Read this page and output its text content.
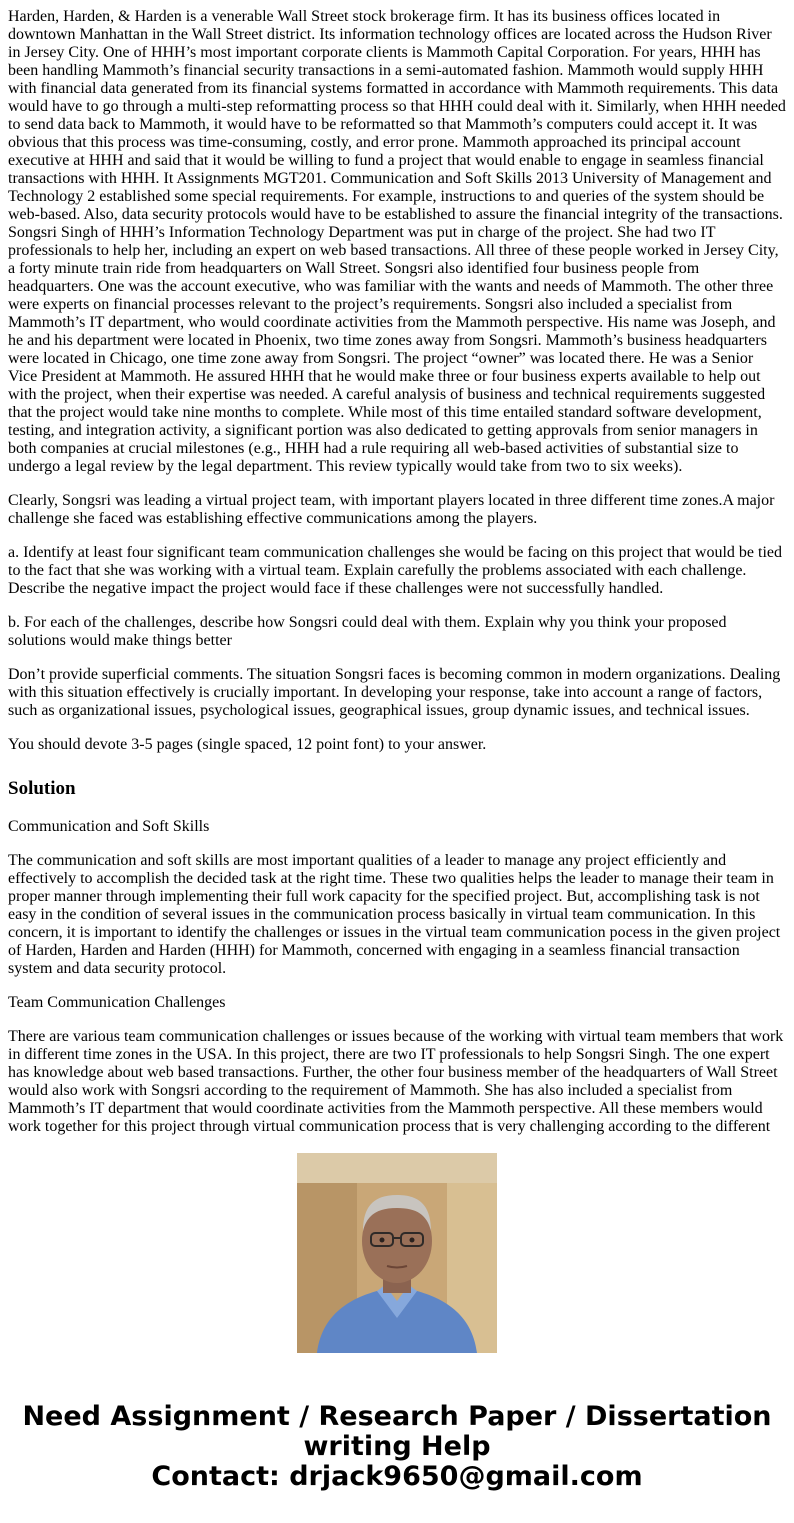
Harden, Harden, & Harden is a venerable Wall Street stock brokerage firm. It has its business offices located in downtown Manhattan in the Wall Street district. Its information technology offices are located across the Hudson River in Jersey City. One of HHH’s most important corporate clients is Mammoth Capital Corporation. For years, HHH has been handling Mammoth’s financial security transactions in a semi-automated fashion. Mammoth would supply HHH with financial data generated from its financial systems formatted in accordance with Mammoth requirements. This data would have to go through a multi-step reformatting process so that HHH could deal with it. Similarly, when HHH needed to send data back to Mammoth, it would have to be reformatted so that Mammoth’s computers could accept it. It was obvious that this process was time-consuming, costly, and error prone. Mammoth approached its principal account executive at HHH and said that it would be willing to fund a project that would enable to engage in seamless financial transactions with HHH. It Assignments MGT201. Communication and Soft Skills 2013 University of Management and Technology 2 established some special requirements. For example, instructions to and queries of the system should be web-based. Also, data security protocols would have to be established to assure the financial integrity of the transactions. Songsri Singh of HHH’s Information Technology Department was put in charge of the project. She had two IT professionals to help her, including an expert on web based transactions. All three of these people worked in Jersey City, a forty minute train ride from headquarters on Wall Street. Songsri also identified four business people from headquarters. One was the account executive, who was familiar with the wants and needs of Mammoth. The other three were experts on financial processes relevant to the project’s requirements. Songsri also included a specialist from Mammoth’s IT department, who would coordinate activities from the Mammoth perspective. His name was Joseph, and he and his department were located in Phoenix, two time zones away from Songsri. Mammoth’s business headquarters were located in Chicago, one time zone away from Songsri. The project “owner” was located there. He was a Senior Vice President at Mammoth. He assured HHH that he would make three or four business experts available to help out with the project, when their expertise was needed. A careful analysis of business and technical requirements suggested that the project would take nine months to complete. While most of this time entailed standard software development, testing, and integration activity, a significant portion was also dedicated to getting approvals from senior managers in both companies at crucial milestones (e.g., HHH had a rule requiring all web-based activities of substantial size to undergo a legal review by the legal department. This review typically would take from two to six weeks).

Clearly, Songsri was leading a virtual project team, with important players located in three different time zones.A major challenge she faced was establishing effective communications among the players.

a. Identify at least four significant team communication challenges she would be facing on this project that would be tied to the fact that she was working with a virtual team. Explain carefully the problems associated with each challenge. Describe the negative impact the project would face if these challenges were not successfully handled.

b. For each of the challenges, describe how Songsri could deal with them. Explain why you think your proposed solutions would make things better

Don’t provide superficial comments. The situation Songsri faces is becoming common in modern organizations. Dealing with this situation effectively is crucially important. In developing your response, take into account a range of factors, such as organizational issues, psychological issues, geographical issues, group dynamic issues, and technical issues.

You should devote 3-5 pages (single spaced, 12 point font) to your answer.

Solution

Communication and Soft Skills

The communication and soft skills are most important qualities of a leader to manage any project efficiently and effectively to accomplish the decided task at the right time. These two qualities helps the leader to manage their team in proper manner through implementing their full work capacity for the specified project. But, accomplishing task is not easy in the condition of several issues in the communication process basically in virtual team communication. In this concern, it is important to identify the challenges or issues in the virtual team communication pocess in the given project of Harden, Harden and Harden (HHH) for Mammoth, concerned with engaging in a seamless financial transaction system and data security protocol.

Team Communication Challenges

There are various team communication challenges or issues because of the working with virtual team members that work in different time zones in the USA. In this project, there are two IT professionals to help Songsri Singh. The one expert has knowledge about web based transactions. Further, the other four business member of the headquarters of Wall Street would also work with Songsri according to the requirement of Mammoth. She has also included a specialist from Mammoth’s IT department that would coordinate activities from the Mammoth perspective. All these members would work together for this project through virtual communication process that is very challenging according to the different

Need Assignment / Research Paper / Dissertation
writing Help
Contact: drjack9650@gmail.com
